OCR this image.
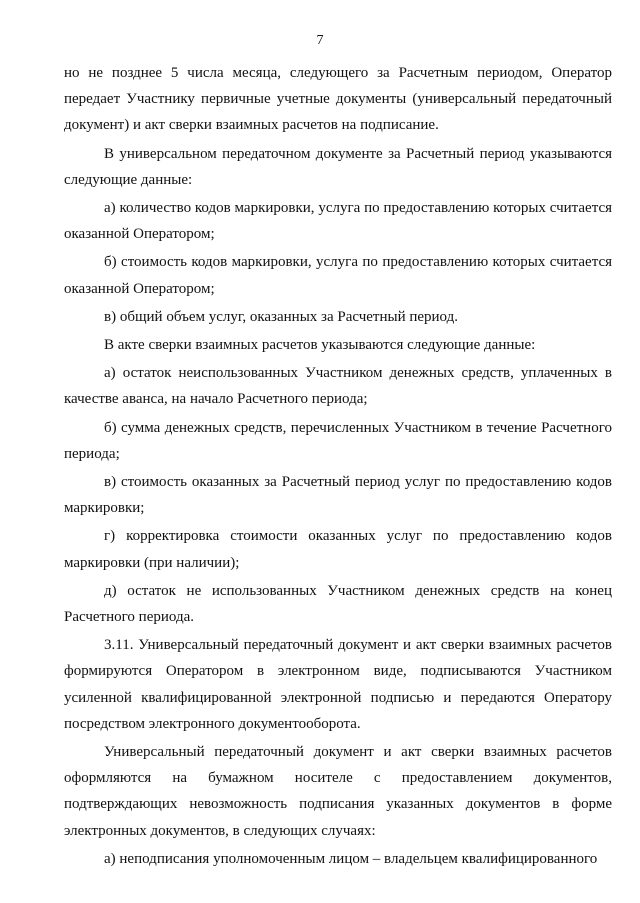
7

но не позднее 5 числа месяца, следующего за Расчетным периодом, Оператор передает Участнику первичные учетные документы (универсальный передаточный документ) и акт сверки взаимных расчетов на подписание.

В универсальном передаточном документе за Расчетный период указываются следующие данные:

а) количество кодов маркировки, услуга по предоставлению которых считается оказанной Оператором;

б) стоимость кодов маркировки, услуга по предоставлению которых считается оказанной Оператором;

в) общий объем услуг, оказанных за Расчетный период.

В акте сверки взаимных расчетов указываются следующие данные:

а) остаток неиспользованных Участником денежных средств, уплаченных в качестве аванса, на начало Расчетного периода;

б) сумма денежных средств, перечисленных Участником в течение Расчетного периода;

в) стоимость оказанных за Расчетный период услуг по предоставлению кодов маркировки;

г) корректировка стоимости оказанных услуг по предоставлению кодов маркировки (при наличии);

д) остаток не использованных Участником денежных средств на конец Расчетного периода.

3.11. Универсальный передаточный документ и акт сверки взаимных расчетов формируются Оператором в электронном виде, подписываются Участником усиленной квалифицированной электронной подписью и передаются Оператору посредством электронного документооборота.

Универсальный передаточный документ и акт сверки взаимных расчетов оформляются на бумажном носителе с предоставлением документов, подтверждающих невозможность подписания указанных документов в форме электронных документов, в следующих случаях:

а) неподписания уполномоченным лицом – владельцем квалифицированного
